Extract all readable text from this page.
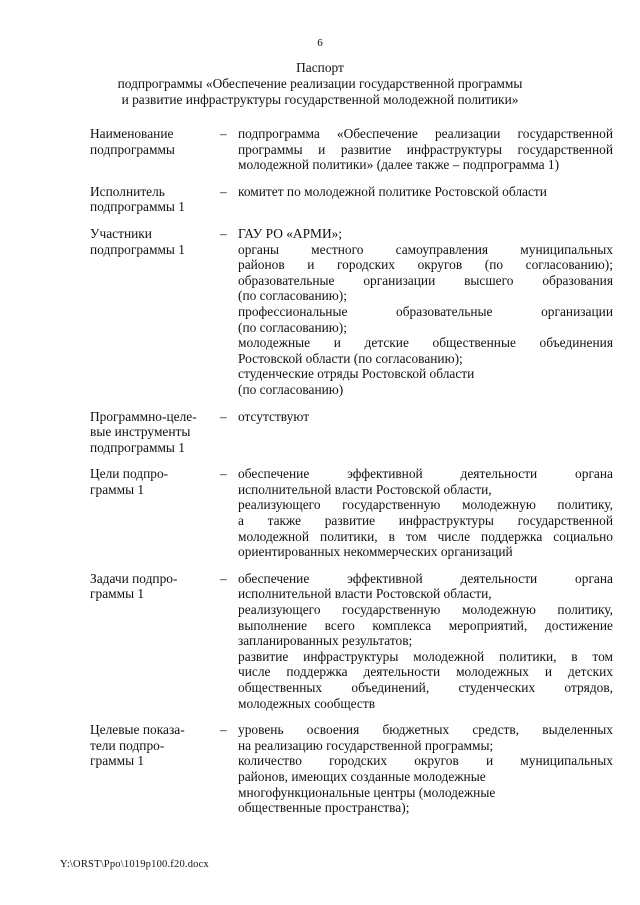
6
Паспорт
подпрограммы «Обеспечение реализации государственной программы
и развитие инфраструктуры государственной молодежной политики»
Наименование
подпрограммы
– подпрограмма «Обеспечение реализации государственной
программы и развитие инфраструктуры государственной
молодежной политики» (далее также – подпрограмма 1)
Исполнитель
подпрограммы 1
– комитет по молодежной политике Ростовской области
Участники
подпрограммы 1
– ГАУ РО «АРМИ»;
органы местного самоуправления муниципальных
районов и городских округов (по согласованию);
образовательные организации высшего образования
(по согласованию);
профессиональные образовательные организации
(по согласованию);
молодежные и детские общественные объединения
Ростовской области (по согласованию);
студенческие отряды Ростовской области
(по согласованию)
Программно-целе-
вые инструменты
подпрограммы 1
– отсутствуют
Цели подпро-
граммы 1
– обеспечение эффективной деятельности органа
исполнительной власти Ростовской области,
реализующего государственную молодежную политику,
а также развитие инфраструктуры государственной
молодежной политики, в том числе поддержка социально
ориентированных некоммерческих организаций
Задачи подпро-
граммы 1
– обеспечение эффективной деятельности органа
исполнительной власти Ростовской области,
реализующего государственную молодежную политику,
выполнение всего комплекса мероприятий, достижение
запланированных результатов;
развитие инфраструктуры молодежной политики, в том
числе поддержка деятельности молодежных и детских
общественных объединений, студенческих отрядов,
молодежных сообществ
Целевые показа-
тели подпро-
граммы 1
– уровень освоения бюджетных средств, выделенных
на реализацию государственной программы;
количество городских округов и муниципальных
районов, имеющих созданные молодежные
многофункциональные центры (молодежные
общественные пространства);
Y:\ORST\Ppo\1019p100.f20.docx
